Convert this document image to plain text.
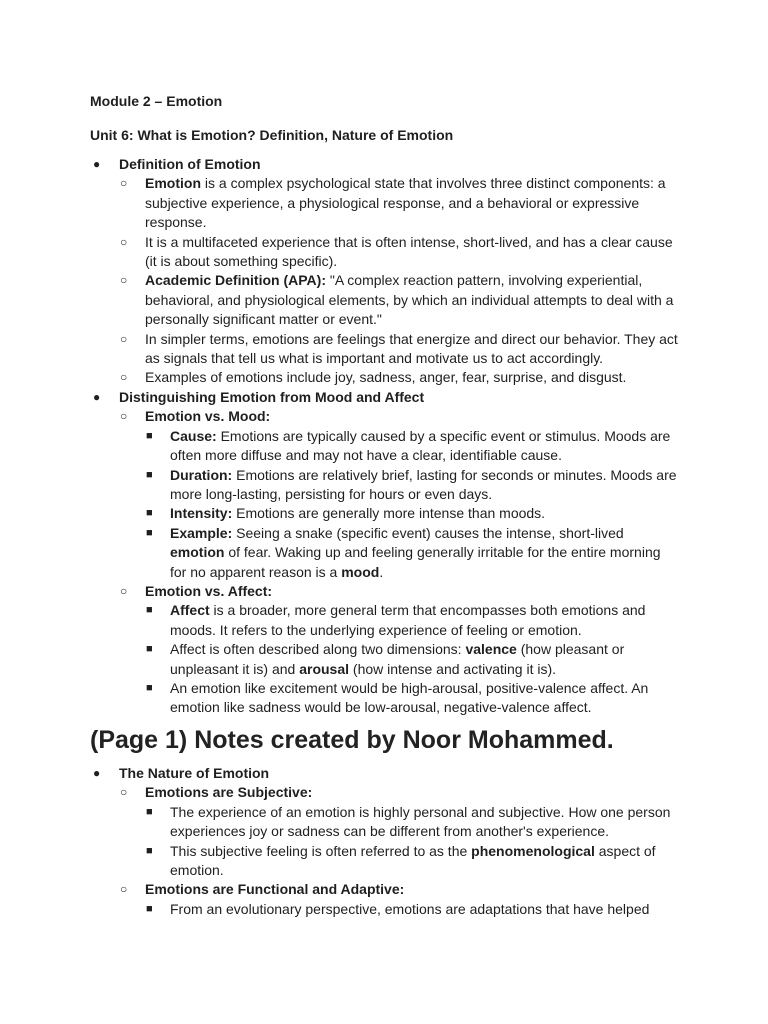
Module 2 – Emotion
Unit 6: What is Emotion? Definition, Nature of Emotion
● Definition of Emotion
○ Emotion is a complex psychological state that involves three distinct components: a subjective experience, a physiological response, and a behavioral or expressive response.
○ It is a multifaceted experience that is often intense, short-lived, and has a clear cause (it is about something specific).
○ Academic Definition (APA): "A complex reaction pattern, involving experiential, behavioral, and physiological elements, by which an individual attempts to deal with a personally significant matter or event."
○ In simpler terms, emotions are feelings that energize and direct our behavior. They act as signals that tell us what is important and motivate us to act accordingly.
○ Examples of emotions include joy, sadness, anger, fear, surprise, and disgust.
● Distinguishing Emotion from Mood and Affect
○ Emotion vs. Mood:
■ Cause: Emotions are typically caused by a specific event or stimulus. Moods are often more diffuse and may not have a clear, identifiable cause.
■ Duration: Emotions are relatively brief, lasting for seconds or minutes. Moods are more long-lasting, persisting for hours or even days.
■ Intensity: Emotions are generally more intense than moods.
■ Example: Seeing a snake (specific event) causes the intense, short-lived emotion of fear. Waking up and feeling generally irritable for the entire morning for no apparent reason is a mood.
○ Emotion vs. Affect:
■ Affect is a broader, more general term that encompasses both emotions and moods. It refers to the underlying experience of feeling or emotion.
■ Affect is often described along two dimensions: valence (how pleasant or unpleasant it is) and arousal (how intense and activating it is).
■ An emotion like excitement would be high-arousal, positive-valence affect. An emotion like sadness would be low-arousal, negative-valence affect.
(Page 1) Notes created by Noor Mohammed.
● The Nature of Emotion
○ Emotions are Subjective:
■ The experience of an emotion is highly personal and subjective. How one person experiences joy or sadness can be different from another's experience.
■ This subjective feeling is often referred to as the phenomenological aspect of emotion.
○ Emotions are Functional and Adaptive:
■ From an evolutionary perspective, emotions are adaptations that have helped
